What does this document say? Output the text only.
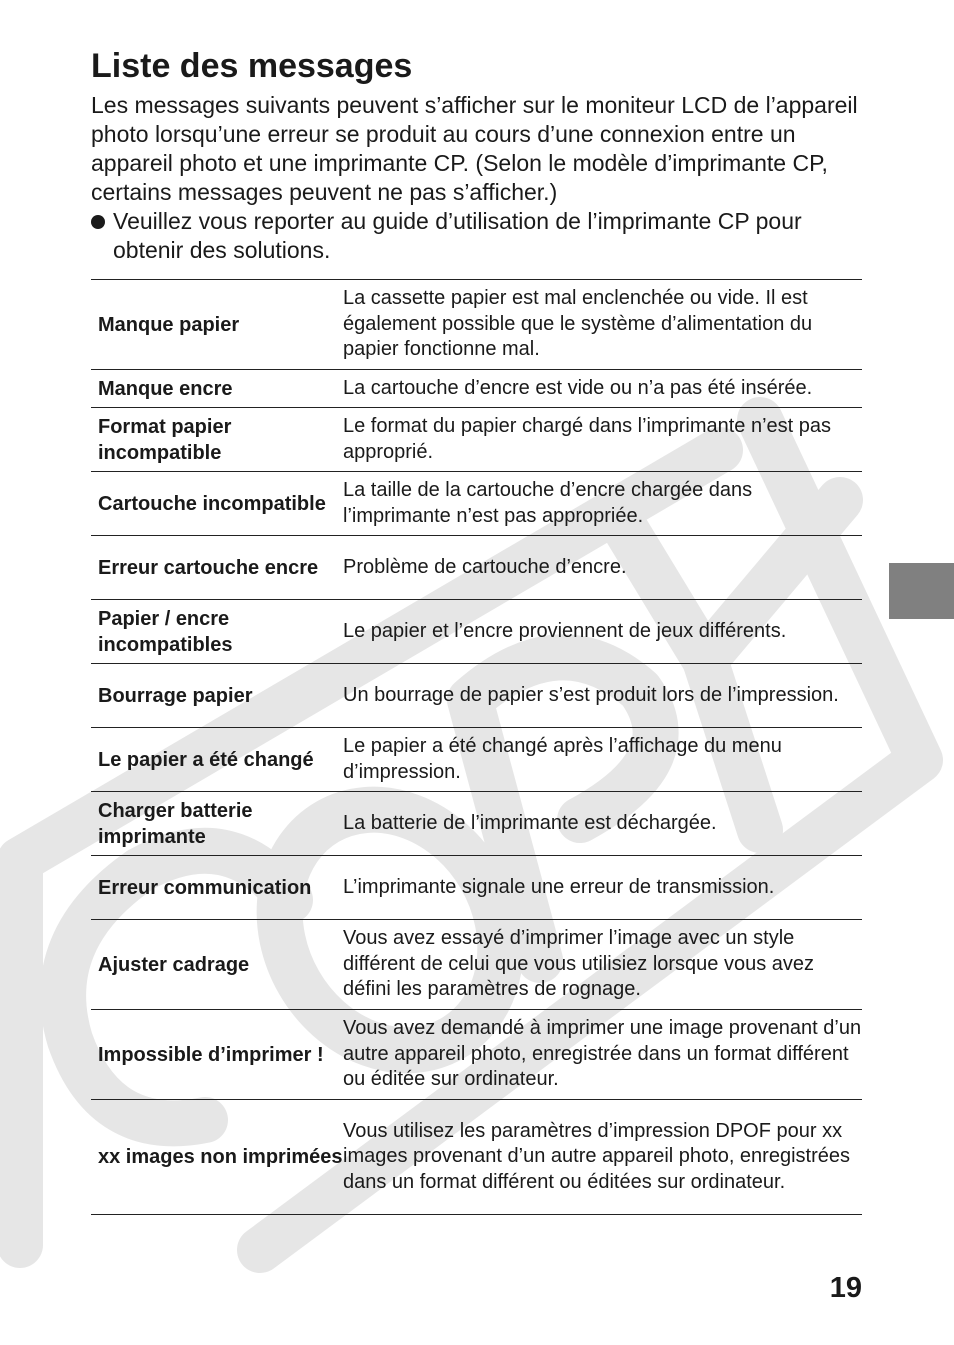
Liste des messages

Les messages suivants peuvent s’afficher sur le moniteur LCD de l’appareil photo lorsqu’une erreur se produit au cours d’une connexion entre un appareil photo et une imprimante CP. (Selon le modèle d’imprimante CP, certains messages peuvent ne pas s’afficher.)

Veuillez vous reporter au guide d’utilisation de l’imprimante CP pour obtenir des solutions.
Manque papier	La cassette papier est mal enclenchée ou vide. Il est également possible que le système d’alimentation du papier fonctionne mal.
Manque encre	La cartouche d’encre est vide ou n’a pas été insérée.
Format papier incompatible	Le format du papier chargé dans l’imprimante n’est pas approprié.
Cartouche incompatible	La taille de la cartouche d’encre chargée dans l’imprimante n’est pas appropriée.
Erreur cartouche encre	Problème de cartouche d’encre.
Papier / encre incompatibles	Le papier et l’encre proviennent de jeux différents.
Bourrage papier	Un bourrage de papier s’est produit lors de l’impression.
Le papier a été changé	Le papier a été changé après l’affichage du menu d’impression.
Charger batterie imprimante	La batterie de l’imprimante est déchargée.
Erreur communication	L’imprimante signale une erreur de transmission.
Ajuster cadrage	Vous avez essayé d’imprimer l’image avec un style différent de celui que vous utilisiez lorsque vous avez défini les paramètres de rognage.
Impossible d’imprimer !	Vous avez demandé à imprimer une image provenant d’un autre appareil photo, enregistrée dans un format différent ou éditée sur ordinateur.
xx images non imprimées	Vous utilisez les paramètres d’impression DPOF pour xx images provenant d’un autre appareil photo, enregistrées dans un format différent ou éditées sur ordinateur.
19
